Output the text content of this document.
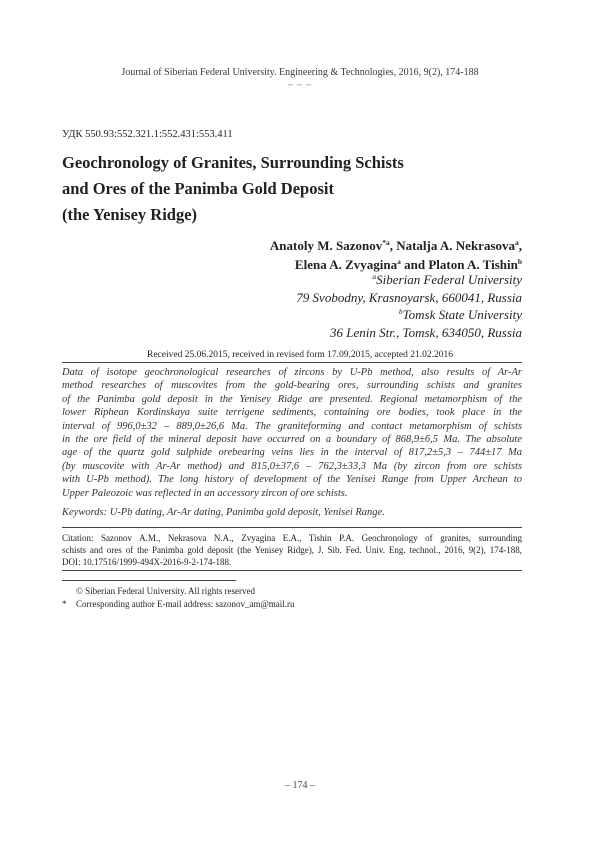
Journal of Siberian Federal University. Engineering & Technologies, 2016, 9(2), 174-188
~ ~ ~
УДК 550.93:552.321.1:552.431:553.411
Geochronology of Granites, Surrounding Schists
and Ores of the Panimba Gold Deposit
(the Yenisey Ridge)
Anatoly M. Sazonov$^{*a}$, Natalja A. Nekrasova$^a$,
Elena A. Zvyagina$^a$ and Platon A. Tishin$^b$
$^a$Siberian Federal University
79 Svobodny, Krasnoyarsk, 660041, Russia
$^b$Tomsk State University
36 Lenin Str., Tomsk, 634050, Russia
Received 25.06.2015, received in revised form 17.09.2015, accepted 21.02.2016
Data of isotope geochronological researches of zircons by U-Pb method, also results of Ar-Ar
method researches of muscovites from the gold-bearing ores, surrounding schists and granites
of the Panimba gold deposit in the Yenisey Ridge are presented. Regional metamorphism of the
lower Riphean Kordinskaya suite terrigene sediments, containing ore bodies, took place in the
interval of 996,0±32 – 889,0±26,6 Ma. The graniteforming and contact metamorphism of schists
in the ore field of the mineral deposit have occurred on a boundary of 868,9±6,5 Ma. The absolute
age of the quartz gold sulphide orebearing veins lies in the interval of 817,2±5,3 – 744±17 Ma
(by muscovite with Ar-Ar method) and 815,0±37,6 – 762,3±33,3 Ma (by zircon from ore schists
with U-Pb method). The long history of development of the Yenisei Range from Upper Archean to
Upper Paleozoic was reflected in an accessory zircon of ore schists.
Keywords: U-Pb dating, Ar-Ar dating, Panimba gold deposit, Yenisei Range.
Citation: Sazonov A.M., Nekrasova N.A., Zvyagina E.A., Tishin P.A. Geochronology of granites, surrounding
schists and ores of the Panimba gold deposit (the Yenisey Ridge), J. Sib. Fed. Univ. Eng. technol., 2016, 9(2), 174-188,
DOI: 10.17516/1999-494X-2016-9-2-174-188.
© Siberian Federal University. All rights reserved
* Corresponding author E-mail address: sazonov_am@mail.ru
– 174 –
